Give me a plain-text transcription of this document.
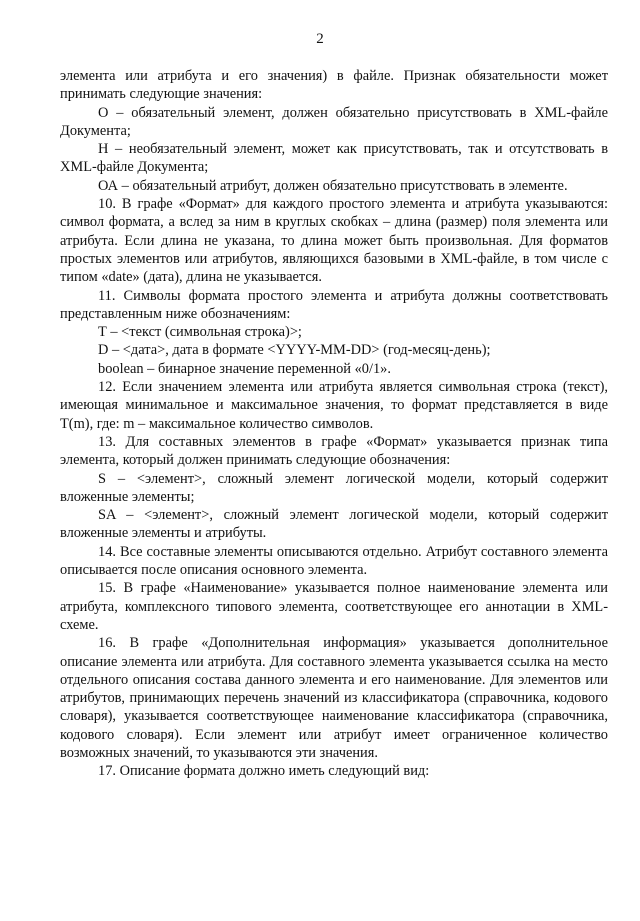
2

элемента или атрибута и его значения) в файле. Признак обязательности может принимать следующие значения:

О – обязательный элемент, должен обязательно присутствовать в XML-файле Документа;

Н – необязательный элемент, может как присутствовать, так и отсутствовать в XML-файле Документа;

ОА – обязательный атрибут, должен обязательно присутствовать в элементе.

10. В графе «Формат» для каждого простого элемента и атрибута указываются: символ формата, а вслед за ним в круглых скобках – длина (размер) поля элемента или атрибута. Если длина не указана, то длина может быть произвольная. Для форматов простых элементов или атрибутов, являющихся базовыми в XML-файле, в том числе с типом «date» (дата), длина не указывается.

11. Символы формата простого элемента и атрибута должны соответствовать представленным ниже обозначениям:

Т – <текст (символьная строка)>;

D – <дата>, дата в формате <YYYY-MM-DD> (год-месяц-день);

boolean – бинарное значение переменной «0/1».

12. Если значением элемента или атрибута является символьная строка (текст), имеющая минимальное и максимальное значения, то формат представляется в виде Т(m), где: m – максимальное количество символов.

13. Для составных элементов в графе «Формат» указывается признак типа элемента, который должен принимать следующие обозначения:

S – <элемент>, сложный элемент логической модели, который содержит вложенные элементы;

SA – <элемент>, сложный элемент логической модели, который содержит вложенные элементы и атрибуты.

14. Все составные элементы описываются отдельно. Атрибут составного элемента описывается после описания основного элемента.

15. В графе «Наименование» указывается полное наименование элемента или атрибута, комплексного типового элемента, соответствующее его аннотации в XML-схеме.

16. В графе «Дополнительная информация» указывается дополнительное описание элемента или атрибута. Для составного элемента указывается ссылка на место отдельного описания состава данного элемента и его наименование. Для элементов или атрибутов, принимающих перечень значений из классификатора (справочника, кодового словаря), указывается соответствующее наименование классификатора (справочника, кодового словаря). Если элемент или атрибут имеет ограниченное количество возможных значений, то указываются эти значения.

17. Описание формата должно иметь следующий вид:
